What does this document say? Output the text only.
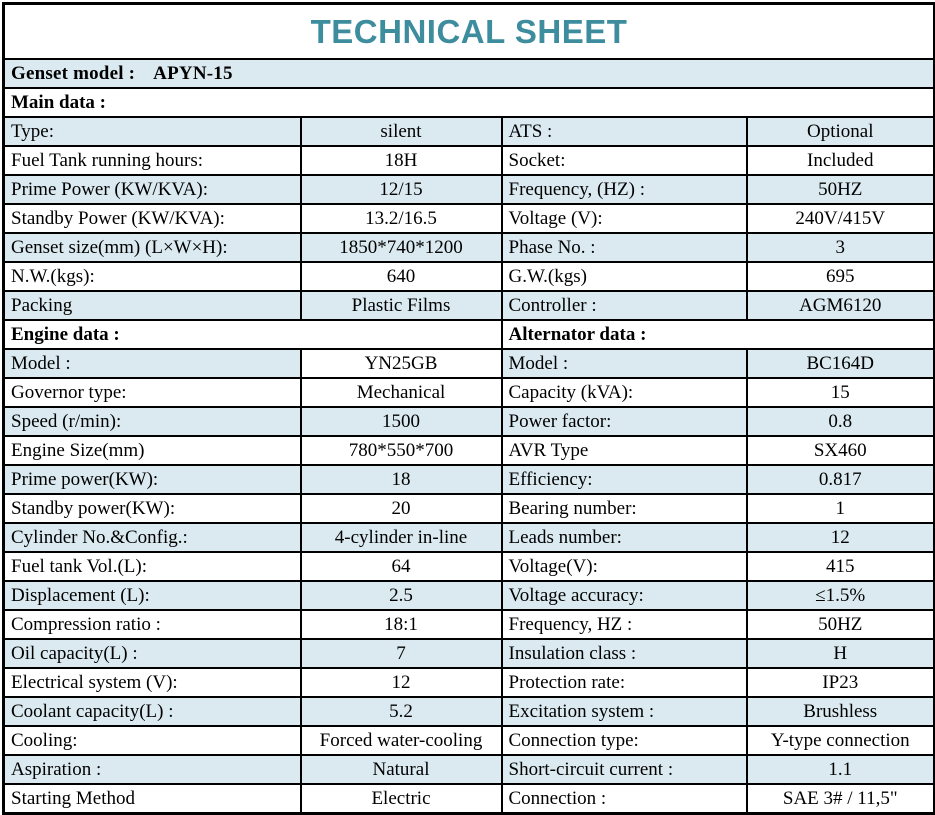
TECHNICAL SHEET			

Genset model : APYN-15			
Main data :			
Type:	silent	ATS :	Optional
Fuel Tank running hours:	18H	Socket:	Included
Prime Power (KW/KVA):	12/15	Frequency, (HZ) :	50HZ
Standby Power (KW/KVA):	13.2/16.5	Voltage (V):	240V/415V
Genset size(mm) (L×W×H):	1850*740*1200	Phase No. :	3
N.W.(kgs):	640	G.W.(kgs)	695
Packing	Plastic Films	Controller :	AGM6120
Engine data :		Alternator data :	
Model :	YN25GB	Model :	BC164D
Governor type:	Mechanical	Capacity (kVA):	15
Speed (r/min):	1500	Power factor:	0.8
Engine Size(mm)	780*550*700	AVR Type	SX460
Prime power(KW):	18	Efficiency:	0.817
Standby power(KW):	20	Bearing number:	1
Cylinder No.&Config.:	4-cylinder in-line	Leads number:	12
Fuel tank Vol.(L):	64	Voltage(V):	415
Displacement (L):	2.5	Voltage accuracy:	≤1.5%
Compression ratio :	18:1	Frequency, HZ :	50HZ
Oil capacity(L) :	7	Insulation class :	H
Electrical system (V):	12	Protection rate:	IP23
Coolant capacity(L) :	5.2	Excitation system :	Brushless
Cooling:	Forced water-cooling	Connection type:	Y-type connection
Aspiration :	Natural	Short-circuit current :	1.1
Starting Method	Electric	Connection :	SAE 3# / 11,5"
